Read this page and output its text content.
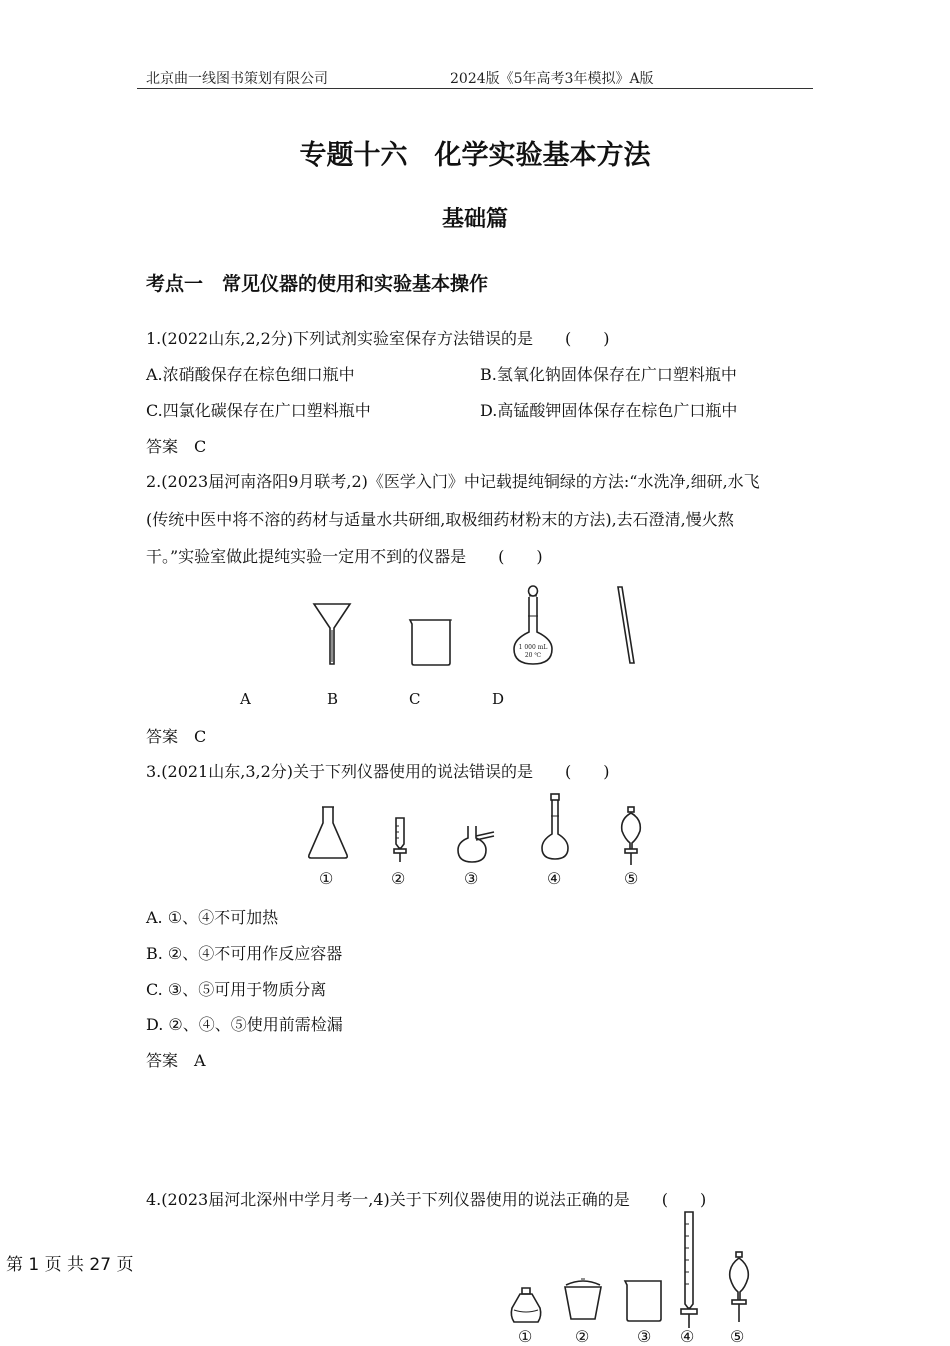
北京曲一线图书策划有限公司	2024版《5年高考3年模拟》A版
专题十六　化学实验基本方法
基础篇
考点一　常见仪器的使用和实验基本操作
1.(2022山东,2,2分)下列试剂实验室保存方法错误的是　　(　　)
A.浓硝酸保存在棕色细口瓶中	B.氢氧化钠固体保存在广口塑料瓶中
C.四氯化碳保存在广口塑料瓶中	D.高锰酸钾固体保存在棕色广口瓶中
答案　C
2.(2023届河南洛阳9月联考,2)《医学入门》中记载提纯铜绿的方法:“水洗净,细研,水飞
(传统中医中将不溶的药材与适量水共研细,取极细药材粉末的方法),去石澄清,慢火熬
干。”实验室做此提纯实验一定用不到的仪器是　　(　　)
1 000 mL
20 ℃
A	B	C	D
答案　C
3.(2021山东,3,2分)关于下列仪器使用的说法错误的是　　(　　)
①	②	③	④	⑤
A. ①、④不可加热
B. ②、④不可用作反应容器
C. ③、⑤可用于物质分离
D. ②、④、⑤使用前需检漏
答案　A
4.(2023届河北深州中学月考一,4)关于下列仪器使用的说法正确的是　　(　　)
①	②	③ ④ ⑤
第 1 页 共 27 页
